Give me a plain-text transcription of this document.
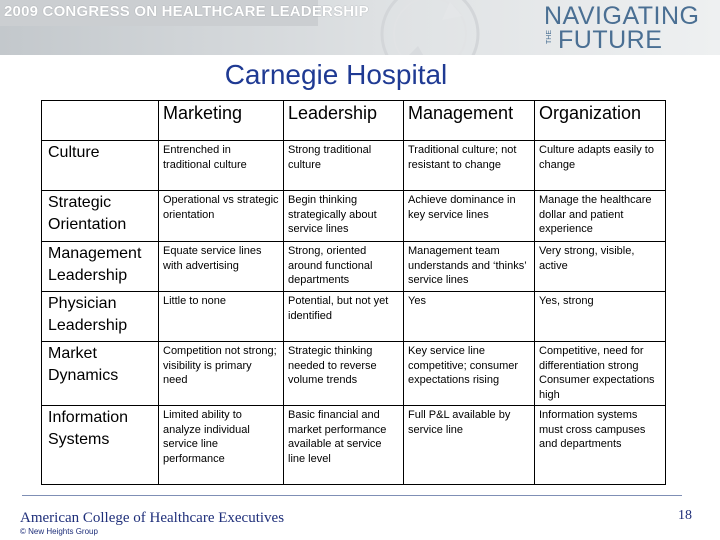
2009 CONGRESS ON HEALTHCARE LEADERSHIP	NAVIGATING
THE FUTURE
Carnegie Hospital
	Marketing	Leadership	Management	Organization
Culture	Entrenched in traditional culture	Strong traditional culture	Traditional culture; not resistant to change	Culture adapts easily to change
Strategic Orientation	Operational vs strategic orientation	Begin thinking strategically about service lines	Achieve dominance in key service lines	Manage the healthcare dollar and patient experience
Management Leadership	Equate service lines with advertising	Strong, oriented around functional departments	Management team understands and ‘thinks’ service lines	Very strong, visible, active
Physician Leadership	Little to none	Potential, but not yet identified	Yes	Yes, strong
Market Dynamics	Competition not strong; visibility is primary need	Strategic thinking needed to reverse volume trends	Key service line competitive; consumer expectations rising	Competitive, need for differentiation strong Consumer expectations high
Information Systems	Limited ability to analyze individual service line performance	Basic financial and market performance available at service line level	Full P&L available by service line	Information systems must cross campuses and departments
American College of Healthcare Executives
© New Heights Group
18
